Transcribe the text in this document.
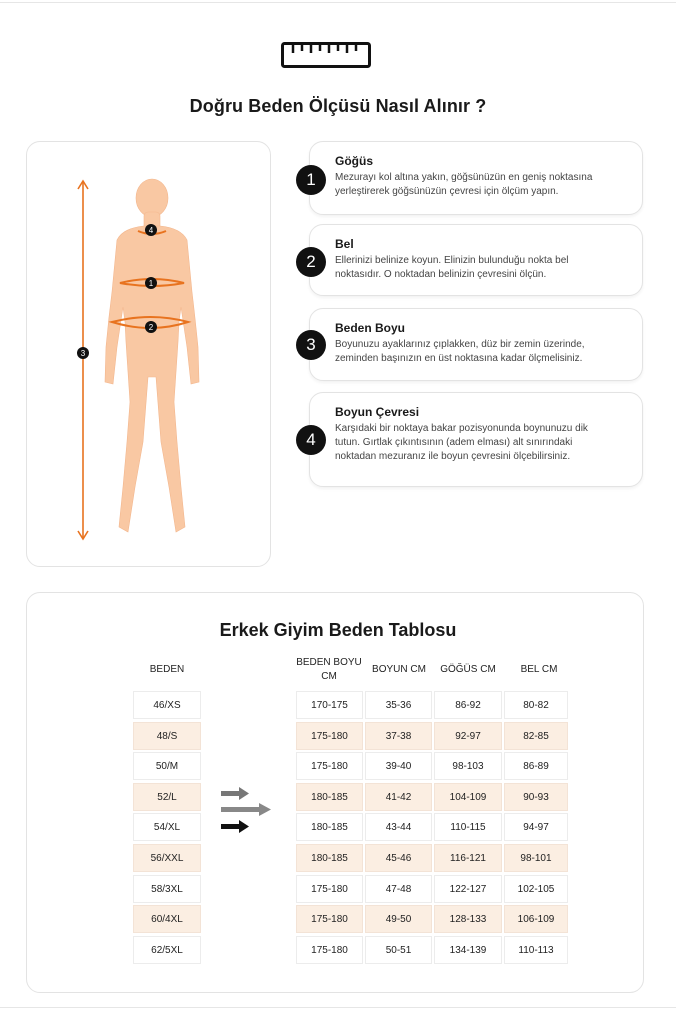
Doğru Beden Ölçüsü Nasıl Alınır ?
4
1
2
3
Göğüs
Mezurayı kol altına yakın, göğsünüzün en geniş noktasına
yerleştirerek göğsünüzün çevresi için ölçüm yapın.
1
Bel
Ellerinizi belinize koyun. Elinizin bulunduğu nokta bel
noktasıdır. O noktadan belinizin çevresini ölçün.
2
Beden Boyu
Boyunuzu ayaklarınız çıplakken, düz bir zemin üzerinde,
zeminden başınızın en üst noktasına kadar ölçmelisiniz.
3
Boyun Çevresi
Karşıdaki bir noktaya bakar pozisyonunda boynunuzu dik
tutun. Gırtlak çıkıntısının (adem elması) alt sınırındaki
noktadan mezuranız ile boyun çevresini ölçebilirsiniz.
4
Erkek Giyim Beden Tablosu
BEDEN
BEDEN BOYU
CM
BOYUN CM	GÖĞÜS CM	BEL CM
46/XS	170-175	35-36	86-92	80-82
48/S	175-180	37-38	92-97	82-85
50/M	175-180	39-40	98-103	86-89
52/L	180-185	41-42	104-109	90-93
54/XL	180-185	43-44	110-115	94-97
56/XXL	180-185	45-46	116-121	98-101
58/3XL	175-180	47-48	122-127	102-105
60/4XL	175-180	49-50	128-133	106-109
62/5XL	175-180	50-51	134-139	110-113
